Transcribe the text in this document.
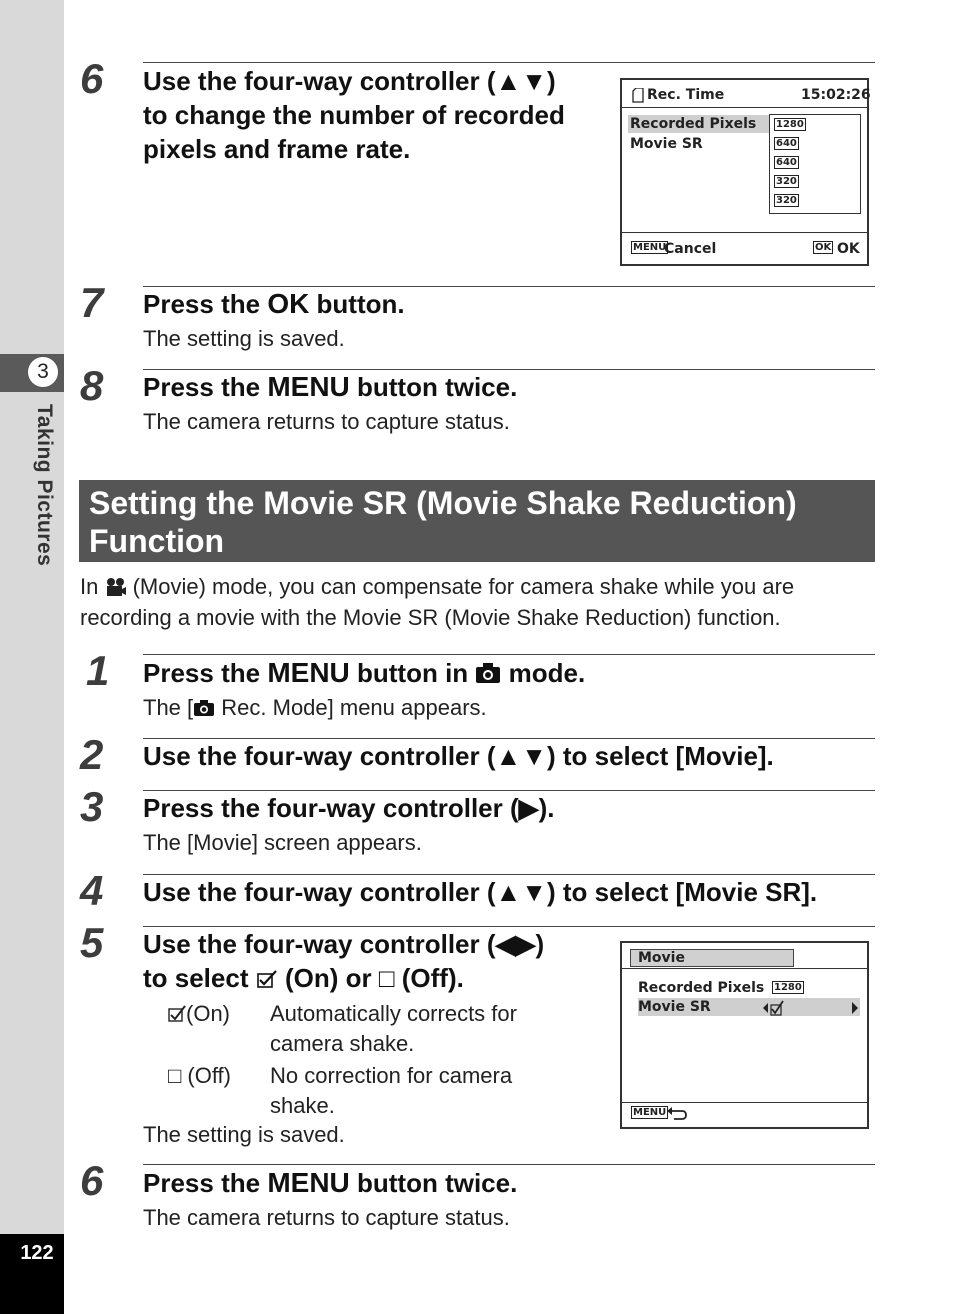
3
Taking Pictures
122
6 Use the four-way controller (▲▼)
to change the number of recorded
pixels and frame rate.
Rec. Time	15:02:26
Recorded Pixels
Movie SR
1280
640
640
320
320
MENU
Cancel	OK OK
7 Press the OK button.
The setting is saved.
8 Press the MENU button twice.
The camera returns to capture status.
Setting the Movie SR (Movie Shake Reduction)
Function
In (Movie) mode, you can compensate for camera shake while you are
recording a movie with the Movie SR (Movie Shake Reduction) function.
1 Press the MENU button in mode.
The [ Rec. Mode] menu appears.
2 Use the four-way controller (▲▼) to select [Movie].
3 Press the four-way controller (▶).
The [Movie] screen appears.
4 Use the four-way controller (▲▼) to select [Movie SR].
5 Use the four-way controller (◀▶)
to select (On) or □ (Off).
(On) Automatically corrects for
camera shake.
□ (Off) No correction for camera
shake.
The setting is saved.
Movie
Recorded Pixels 1280
Movie SR
MENU
6 Press the MENU button twice.
The camera returns to capture status.
